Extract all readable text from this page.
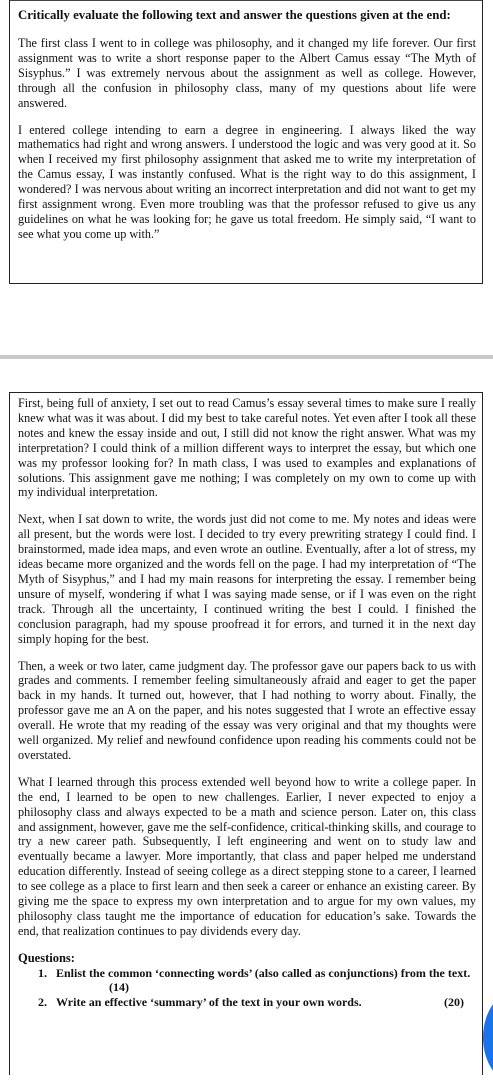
Critically evaluate the following text and answer the questions given at the end:

The first class I went to in college was philosophy, and it changed my life forever. Our first assignment was to write a short response paper to the Albert Camus essay “The Myth of Sisyphus.” I was extremely nervous about the assignment as well as college. However, through all the confusion in philosophy class, many of my questions about life were answered.

I entered college intending to earn a degree in engineering. I always liked the way mathematics had right and wrong answers. I understood the logic and was very good at it. So when I received my first philosophy assignment that asked me to write my interpretation of the Camus essay, I was instantly confused. What is the right way to do this assignment, I wondered? I was nervous about writing an incorrect interpretation and did not want to get my first assignment wrong. Even more troubling was that the professor refused to give us any guidelines on what he was looking for; he gave us total freedom. He simply said, “I want to see what you come up with.”

First, being full of anxiety, I set out to read Camus’s essay several times to make sure I really knew what was it was about. I did my best to take careful notes. Yet even after I took all these notes and knew the essay inside and out, I still did not know the right answer. What was my interpretation? I could think of a million different ways to interpret the essay, but which one was my professor looking for? In math class, I was used to examples and explanations of solutions. This assignment gave me nothing; I was completely on my own to come up with my individual interpretation.

Next, when I sat down to write, the words just did not come to me. My notes and ideas were all present, but the words were lost. I decided to try every prewriting strategy I could find. I brainstormed, made idea maps, and even wrote an outline. Eventually, after a lot of stress, my ideas became more organized and the words fell on the page. I had my interpretation of “The Myth of Sisyphus,” and I had my main reasons for interpreting the essay. I remember being unsure of myself, wondering if what I was saying made sense, or if I was even on the right track. Through all the uncertainty, I continued writing the best I could. I finished the conclusion paragraph, had my spouse proofread it for errors, and turned it in the next day simply hoping for the best.

Then, a week or two later, came judgment day. The professor gave our papers back to us with grades and comments. I remember feeling simultaneously afraid and eager to get the paper back in my hands. It turned out, however, that I had nothing to worry about. Finally, the professor gave me an A on the paper, and his notes suggested that I wrote an effective essay overall. He wrote that my reading of the essay was very original and that my thoughts were well organized. My relief and newfound confidence upon reading his comments could not be overstated.

What I learned through this process extended well beyond how to write a college paper. In the end, I learned to be open to new challenges. Earlier, I never expected to enjoy a philosophy class and always expected to be a math and science person. Later on, this class and assignment, however, gave me the self-confidence, critical-thinking skills, and courage to try a new career path. Subsequently, I left engineering and went on to study law and eventually became a lawyer. More importantly, that class and paper helped me understand education differently. Instead of seeing college as a direct stepping stone to a career, I learned to see college as a place to first learn and then seek a career or enhance an existing career. By giving me the space to express my own interpretation and to argue for my own values, my philosophy class taught me the importance of education for education’s sake. Towards the end, that realization continues to pay dividends every day.

Questions:
1. Enlist the common ‘connecting words’ (also called as conjunctions) from the text.  (14)
2. Write an effective ‘summary’ of the text in your own words.	(20)
